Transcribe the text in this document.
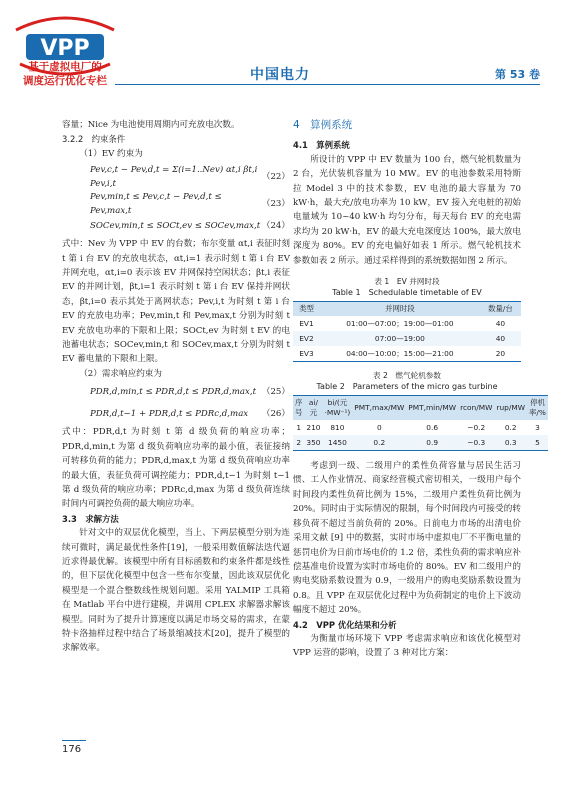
VPP
基于虚拟电厂的
调度运行优化专栏	中国电力	第 53 卷

容量；Nice 为电池使用周期内可充放电次数。

3.2.2　约束条件

（1）EV 约束为

Pev,c,t − Pev,d,t = Σ(i=1..Nev) αt,i βt,i Pev,i,t
（22）
Pev,min,t ≤ Pev,c,t − Pev,d,t ≤ Pev,max,t
（23）
SOCev,min,t ≤ SOCt,ev ≤ SOCev,max,t （24）

式中：Nev 为 VPP 中 EV 的台数；布尔变量 αt,i 表征时刻 t 第 i 台 EV 的充放电状态，αt,i=1 表示时刻 t 第 i 台 EV 并网充电，αt,i=0 表示该 EV 并网保持空闲状态；βt,i 表征 EV 的并网计划，βt,i=1 表示时刻 t 第 i 台 EV 保持并网状态，βt,i=0 表示其处于离网状态；Pev,i,t 为时刻 t 第 i 台 EV 的充放电功率；Pev,min,t 和 Pev,max,t 分别为时刻 t EV 充放电功率的下限和上限；SOCt,ev 为时刻 t EV 的电池蓄电状态；SOCev,min,t 和 SOCev,max,t 分别为时刻 t EV 蓄电量的下限和上限。

（2）需求响应约束为

PDR,d,min,t ≤ PDR,d,t ≤ PDR,d,max,t （25）
PDR,d,t−1 + PDR,d,t ≤ PDRc,d,max （26）

式中：PDR,d,t 为时刻 t 第 d 级负荷的响应功率；PDR,d,min,t 为第 d 级负荷响应功率的最小值，表征接纳可转移负荷的能力；PDR,d,max,t 为第 d 级负荷响应功率的最大值，表征负荷可调控能力；PDR,d,t−1 为时刻 t−1 第 d 级负荷的响应功率；PDRc,d,max 为第 d 级负荷连续时间内可调控负荷的最大响应功率。

3.3　求解方法

针对文中的双层优化模型，当上、下两层模型分别为连续可微时，满足最优性条件[19]，一般采用数值解法迭代逼近求得最优解。该模型中所有目标函数和约束条件都是线性的，但下层优化模型中包含一些布尔变量，因此该双层优化模型是一个混合整数线性规划问题。采用 YALMIP 工具箱在 Matlab 平台中进行建模，并调用 CPLEX 求解器求解该模型。同时为了提升计算速度以满足市场交易的需求，在蒙特卡洛抽样过程中结合了场景缩减技术[20]，提升了模型的求解效率。

4　算例系统

4.1　算例系统

所设计的 VPP 中 EV 数量为 100 台，燃气轮机数量为 2 台，光伏装机容量为 10 MW。EV 的电池参数采用特斯拉 Model 3 中的技术参数，EV 电池的最大容量为 70 kW·h，最大充/放电功率为 10 kW，EV 接入充电桩的初始电量域为 10~40 kW·h 均匀分布，每天每台 EV 的充电需求均为 20 kW·h，EV 的最大充电深度达 100%，最大放电深度为 80%。EV 的充电偏好如表 1 所示。燃气轮机技术参数如表 2 所示。通过采样得到的系统数据如图 2 所示。

表 1　EV 并网时段
Table 1　Schedulable timetable of EV
类型	并网时段	数量/台
EV1	01:00—07:00；19:00—01:00	40
EV2	07:00—19:00	40
EV3	04:00—10:00；15:00—21:00	20
表 2　燃气轮机参数
Table 2　Parameters of the micro gas turbine
序号	ai/元	bi/(元·MW⁻¹)	PMT,max/MW	PMT,min/MW	rcon/MW	rup/MW	停机率/%
1	210	810	0	0.6	−0.2	0.2	3
2	350	1450	0.2	0.9	−0.3	0.3	5

考虑到一级、二级用户的柔性负荷容量与居民生活习惯、工人作业情况、商家经营模式密切相关，一级用户每个时间段内柔性负荷比例为 15%，二级用户柔性负荷比例为 20%。同时由于实际情况的限制，每个时间段内可接受的转移负荷不超过当前负荷的 20%。日前电力市场的出清电价采用文献 [9] 中的数据，实时市场中虚拟电厂不平衡电量的惩罚电价为日前市场电价的 1.2 倍，柔性负荷的需求响应补偿基准电价设置为实时市场电价的 80%。EV 和二级用户的购电奖励系数设置为 0.9，一级用户的购电奖励系数设置为 0.8。且 VPP 在双层优化过程中为负荷制定的电价上下波动幅度不超过 20%。

4.2　VPP 优化结果和分析

为衡量市场环境下 VPP 考虑需求响应和该优化模型对 VPP 运营的影响，设置了 3 种对比方案：

176
